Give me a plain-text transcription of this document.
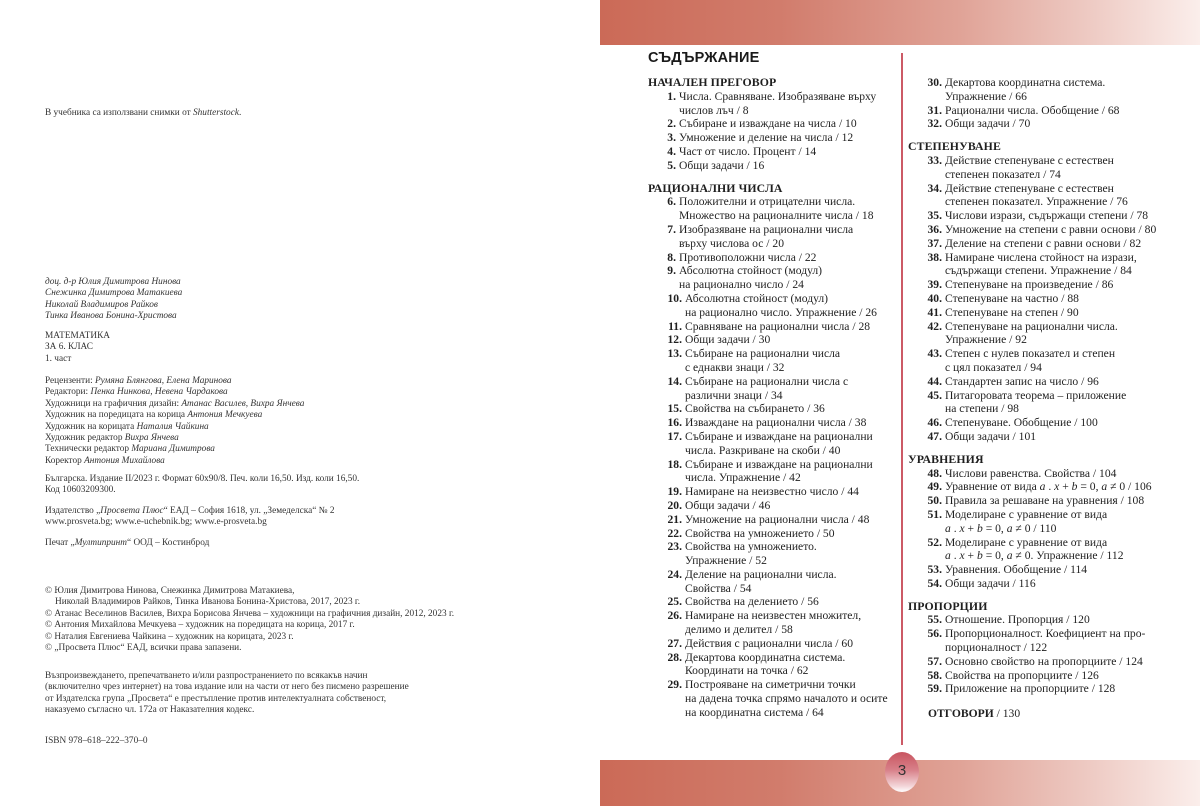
В учебника са използвани снимки от Shutterstock.

доц. д-р Юлия Димитрова Нинова

Снежинка Димитрова Матакиева

Николай Владимиров Райков

Тинка Иванова Бонина-Христова

МАТЕМАТИКА

ЗА 6. КЛАС

1. част

Рецензенти: Румяна Блянгова, Елена Маринова

Редактори: Пенка Нинкова, Невена Чардакова

Художници на графичния дизайн: Атанас Василев, Вихра Янчева

Художник на поредицата на корица Антония Мечкуева

Художник на корицата Наталия Чайкина

Художник редактор Вихра Янчева

Технически редактор Мариана Димитрова

Коректор Антония Михайлова

Българска. Издание II/2023 г. Формат 60х90/8. Печ. коли 16,50. Изд. коли 16,50.

Код 10603209300.

Издателство „Просвета Плюс“ ЕАД – София 1618, ул. „Земеделска“ № 2

www.prosveta.bg; www.e-uchebnik.bg; www.e-prosveta.bg

Печат „Мултипринт“ ООД – Костинброд

© Юлия Димитрова Нинова, Снежинка Димитрова Матакиева,

Николай Владимиров Райков, Тинка Иванова Бонина-Христова, 2017, 2023 г.

© Атанас Веселинов Василев, Вихра Борисова Янчева – художници на графичния дизайн, 2012, 2023 г.

© Антония Михайлова Мечкуева – художник на поредицата на корица, 2017 г.

© Наталия Евгениева Чайкина – художник на корицата, 2023 г.

© „Просвета Плюс“ ЕАД, всички права запазени.

Възпроизвеждането, препечатването и/или разпространението по всякакъв начин

(включително чрез интернет) на това издание или на части от него без писмено разрешение

от Издателска група „Просвета“ е престъпление против интелектуалната собственост,

наказуемо съгласно чл. 172а от Наказателния кодекс.

ISBN 978–618–222–370–0
СЪДЪРЖАНИЕ
НАЧАЛЕН ПРЕГОВОР
1. Числа. Сравняване. Изобразяване върху
числов лъч / 8
2. Събиране и изваждане на числа / 10
3. Умножение и деление на числа / 12
4. Част от число. Процент / 14
5. Общи задачи / 16
РАЦИОНАЛНИ ЧИСЛА
6. Положителни и отрицателни числа.
Множество на рационалните числа / 18
7. Изобразяване на рационални числа
върху числова ос / 20
8. Противоположни числа / 22
9. Абсолютна стойност (модул)
на рационално число / 24
10. Абсолютна стойност (модул)
на рационално число. Упражнение / 26
11. Сравняване на рационални числа / 28
12. Общи задачи / 30
13. Събиране на рационални числа
с еднакви знаци / 32
14. Събиране на рационални числа с
различни знаци / 34
15. Свойства на събирането / 36
16. Изваждане на рационални числа / 38
17. Събиране и изваждане на рационални
числа. Разкриване на скоби / 40
18. Събиране и изваждане на рационални
числа. Упражнение / 42
19. Намиране на неизвестно число / 44
20. Общи задачи / 46
21. Умножение на рационални числа / 48
22. Свойства на умножението / 50
23. Свойства на умножението.
Упражнение / 52
24. Деление на рационални числа.
Свойства / 54
25. Свойства на делението / 56
26. Намиране на неизвестен множител,
делимо и делител / 58
27. Действия с рационални числа / 60
28. Декартова координатна система.
Координати на точка / 62
29. Построяване на симетрични точки
на дадена точка спрямо началото и осите
на координатна система / 64
30. Декартова координатна система.
Упражнение / 66
31. Рационални числа. Обобщение / 68
32. Общи задачи / 70
СТЕПЕНУВАНЕ
33. Действие степенуване с естествен
степенен показател / 74
34. Действие степенуване с естествен
степенен показател. Упражнение / 76
35. Числови изрази, съдържащи степени / 78
36. Умножение на степени с равни основи / 80
37. Деление на степени с равни основи / 82
38. Намиране числена стойност на изрази,
съдържащи степени. Упражнение / 84
39. Степенуване на произведение / 86
40. Степенуване на частно / 88
41. Степенуване на степен / 90
42. Степенуване на рационални числа.
Упражнение / 92
43. Степен с нулев показател и степен
с цял показател / 94
44. Стандартен запис на число / 96
45. Питагоровата теорема – приложение
на степени / 98
46. Степенуване. Обобщение / 100
47. Общи задачи / 101
УРАВНЕНИЯ
48. Числови равенства. Свойства / 104
49. Уравнение от вида a . x + b = 0, a ≠ 0 / 106
50. Правила за решаване на уравнения / 108
51. Моделиране с уравнение от вида
a . x + b = 0, a ≠ 0 / 110
52. Моделиране с уравнение от вида
a . x + b = 0, a ≠ 0. Упражнение / 112
53. Уравнения. Обобщение / 114
54. Общи задачи / 116
ПРОПОРЦИИ
55. Отношение. Пропорция / 120
56. Пропорционалност. Коефициент на про-
порционалност / 122
57. Основно свойство на пропорциите / 124
58. Свойства на пропорциите / 126
59. Приложение на пропорциите / 128
ОТГОВОРИ / 130
3
